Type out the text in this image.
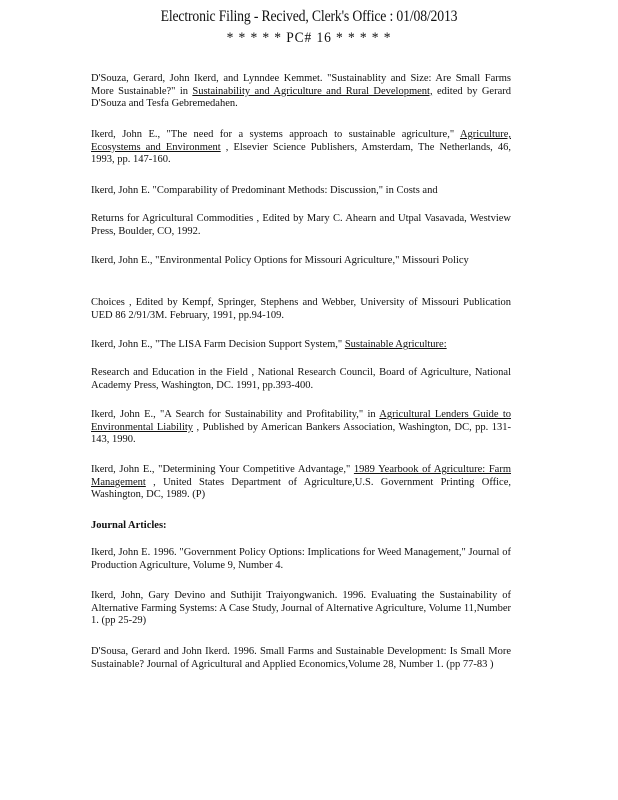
Electronic Filing - Recived, Clerk's Office : 01/08/2013
* * * * * PC# 16 * * * * *

D'Souza, Gerard, John Ikerd, and Lynndee Kemmet. "Sustainablity and Size: Are Small Farms More Sustainable?" in Sustainability and Agriculture and Rural Development, edited by Gerard D'Souza and Tesfa Gebremedahen.

Ikerd, John E., "The need for a systems approach to sustainable agriculture," Agriculture, Ecosystems and Environment , Elsevier Science Publishers, Amsterdam, The Netherlands, 46, 1993, pp. 147-160.

Ikerd, John E. "Comparability of Predominant Methods: Discussion," in Costs and

Returns for Agricultural Commodities , Edited by Mary C. Ahearn and Utpal Vasavada, Westview Press, Boulder, CO, 1992.

Ikerd, John E., "Environmental Policy Options for Missouri Agriculture," Missouri Policy

Choices , Edited by Kempf, Springer, Stephens and Webber, University of Missouri Publication UED 86 2/91/3M. February, 1991, pp.94-109.

Ikerd, John E., "The LISA Farm Decision Support System," Sustainable Agriculture:

Research and Education in the Field , National Research Council, Board of Agriculture, National Academy Press, Washington, DC. 1991, pp.393-400.

Ikerd, John E., "A Search for Sustainability and Profitability," in Agricultural Lenders Guide to Environmental Liability , Published by American Bankers Association, Washington, DC, pp. 131-143, 1990.

Ikerd, John E., "Determining Your Competitive Advantage," 1989 Yearbook of Agriculture: Farm Management , United States Department of Agriculture,U.S. Government Printing Office, Washington, DC, 1989. (P)

Journal Articles:

Ikerd, John E. 1996. "Government Policy Options: Implications for Weed Management," Journal of Production Agriculture, Volume 9, Number 4.

Ikerd, John, Gary Devino and Suthijit Traiyongwanich. 1996. Evaluating the Sustainability of Alternative Farming Systems: A Case Study, Journal of Alternative Agriculture, Volume 11,Number 1. (pp 25-29)

D'Sousa, Gerard and John Ikerd. 1996. Small Farms and Sustainable Development: Is Small More Sustainable? Journal of Agricultural and Applied Economics,Volume 28, Number 1. (pp 77-83 )
